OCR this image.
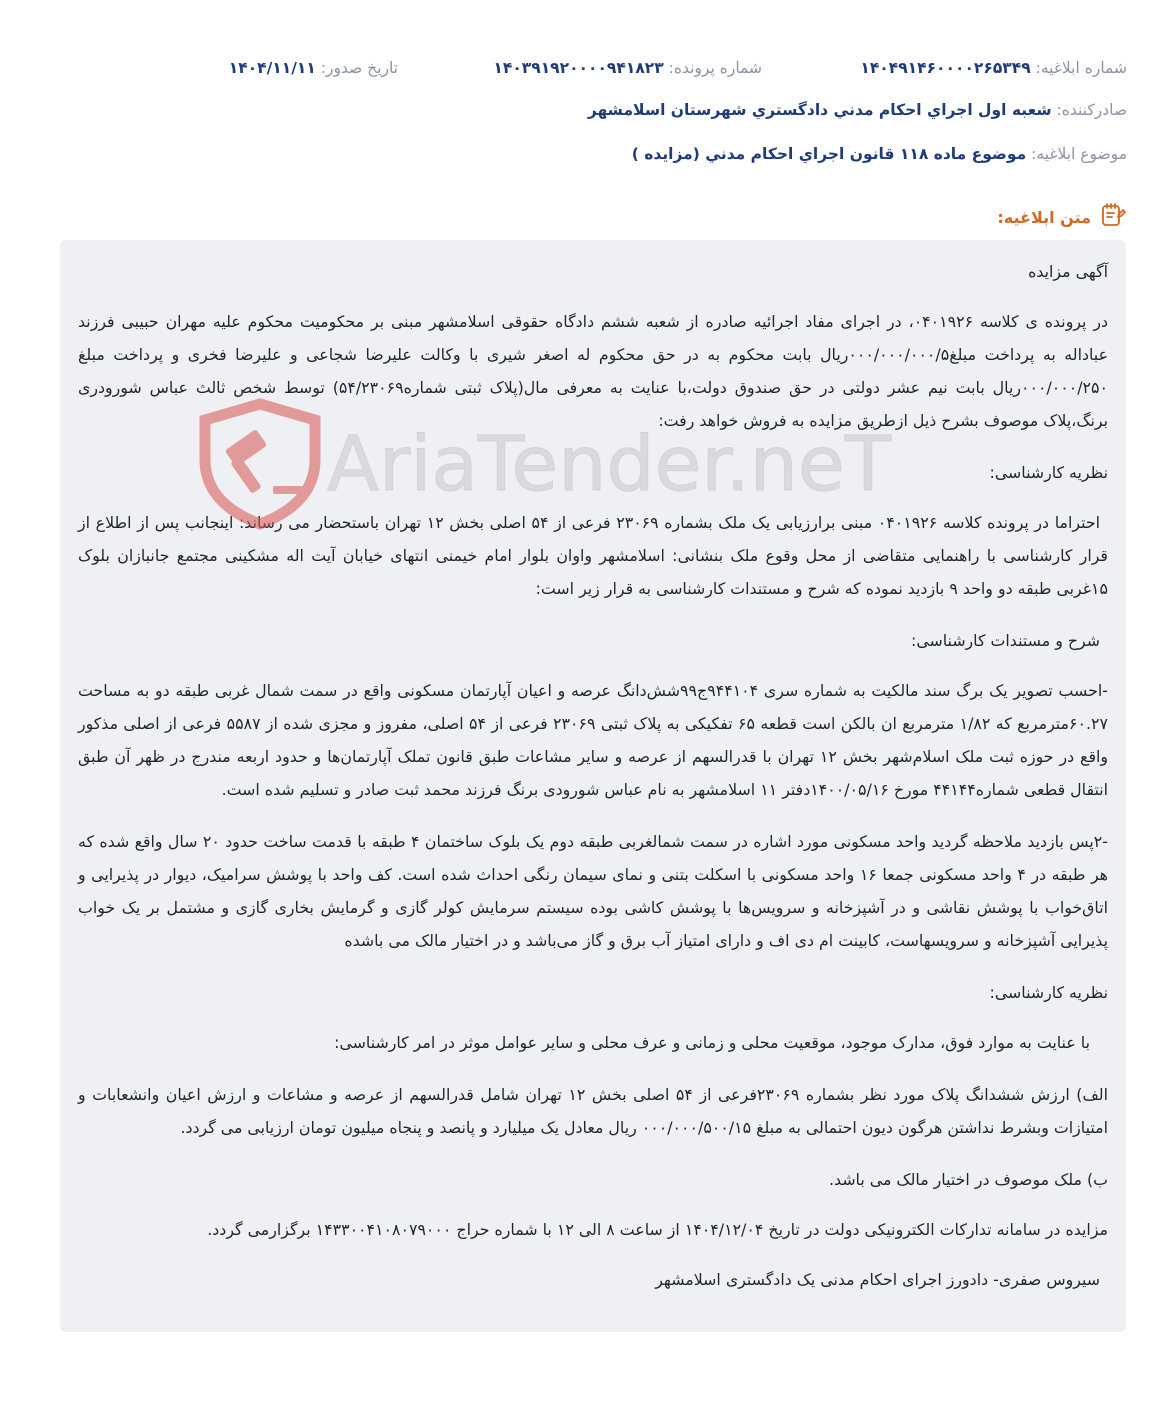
شماره ابلاغیه: ۱۴۰۴۹۱۴۶۰۰۰۰۲۶۵۳۴۹
شماره پرونده: ۱۴۰۳۹۱۹۲۰۰۰۰۹۴۱۸۲۳
تاریخ صدور: ۱۴۰۴/۱۱/۱۱
صادرکننده: شعبه اول اجراي احكام مدني دادگستري شهرستان اسلامشهر
موضوع ابلاغیه: موضوع ماده ۱۱۸ قانون اجراي احكام مدني (مزايده )
متن ابلاغیه:

آگهی مزایده

در پرونده ی کلاسه ۰۴۰۱۹۲۶، در اجرای مفاد اجرائیه صادره از شعبه ششم دادگاه حقوقی اسلامشهر مبنی بر محکومیت محکوم علیه مهران حبیبی فرزند عباداله به پرداخت مبلغ۰۰۰/۰۰۰/۰۰۰/۵ریال بابت محکوم به در حق محکوم له اصغر شیری با وکالت علیرضا شجاعی و علیرضا فخری و پرداخت مبلغ ۰۰۰/۰۰۰/۲۵۰ریال بابت نیم عشر دولتی در حق صندوق دولت،با عنایت به معرفی مال(پلاک ثبتی شماره۵۴/۲۳۰۶۹) توسط شخص ثالث عباس شورودری برنگ،پلاک موصوف بشرح ذیل ازطریق مزایده به فروش خواهد رفت:

نظریه کارشناسی:

احتراما در پرونده کلاسه ۰۴۰۱۹۲۶ مبنی برارزیابی یک ملک بشماره ۲۳۰۶۹ فرعی از ۵۴ اصلی بخش ۱۲ تهران باستحضار می رساند: اینجانب پس از اطلاع از قرار کارشناسی با راهنمایی متقاضی از محل وقوع ملک بنشانی: اسلامشهر واوان بلوار امام خیمنی انتهای خیابان آیت اله مشکینی مجتمع جانبازان بلوک ۱۵غربی طبقه دو واحد ۹ بازدید نموده که شرح و مستندات کارشناسی به قرار زیر است:

شرح و مستندات کارشناسی:

-احسب تصویر یک برگ سند مالکیت به شماره سری ۹۴۴۱۰۴ج۹۹شش‌دانگ عرصه و اعیان آپارتمان مسکونی واقع در سمت شمال غربی طبقه دو به مساحت ۶۰.۲۷مترمربع که ۱/۸۲ مترمربع ان بالکن است قطعه ۶۵ تفکیکی به پلاک ثبتی ۲۳۰۶۹ فرعی از ۵۴ اصلی، مفروز و مجزی شده از ۵۵۸۷ فرعی از اصلی مذکور واقع در حوزه ثبت ملک اسلام‌شهر بخش ۱۲ تهران با قدرالسهم از عرصه و سایر مشاعات طبق قانون تملک آپارتمان‌ها و حدود اربعه مندرج در ظهر آن طبق انتقال قطعی شماره۴۴۱۴۴ مورخ ۱۴۰۰/۰۵/۱۶دفتر ۱۱ اسلامشهر به نام عباس شورودی برنگ فرزند محمد ثبت صادر و تسلیم شده است.

-۲پس بازدید ملاحظه گردید واحد مسکونی مورد اشاره در سمت شمالغربی طبقه دوم یک بلوک ساختمان ۴ طبقه با قدمت ساخت حدود ۲۰ سال واقع شده که هر طبقه در ۴ واحد مسکونی جمعا ۱۶ واحد مسکونی با اسکلت بتنی و نمای سیمان رنگی احداث شده است. کف واحد با پوشش سرامیک، دیوار در پذیرایی و اتاق‌خواب با پوشش نقاشی و در آشپزخانه و سرویس‌ها با پوشش کاشی بوده سیستم سرمایش کولر گازی و گرمایش بخاری گازی و مشتمل بر یک خواب پذیرایی آشپزخانه و سرویسهاست، کابینت ام دی اف و دارای امتیاز آب برق و گاز می‌باشد و در اختیار مالک می باشده

نظریه کارشناسی:

با عنایت به موارد فوق، مدارک موجود، موقعیت محلی و زمانی و عرف محلی و سایر عوامل موثر در امر کارشناسی:

الف) ارزش ششدانگ پلاک مورد نظر بشماره ۲۳۰۶۹فرعی از ۵۴ اصلی بخش ۱۲ تهران شامل قدرالسهم از عرصه و مشاعات و ارزش اعیان وانشعابات و امتیازات وبشرط نداشتن هرگون دیون احتمالی به مبلغ ۰۰۰/۰۰۰/۵۰۰/۱۵ ریال معادل یک میلیارد و پانصد و پنجاه میلیون تومان ارزیابی می گردد.

ب) ملک موصوف در اختیار مالک می باشد.

مزایده در سامانه تدارکات الکترونیکی دولت در تاریخ ۱۴۰۴/۱۲/۰۴ از ساعت ۸ الی ۱۲ با شماره حراج ۱۴۳‌‌۳۰۰۴۱۰۸۰۷۹۰۰۰ برگزارمی گردد.

سیروس صفری- دادورز اجرای احکام مدنی یک دادگستری اسلامشهر

AriaTender.neT
